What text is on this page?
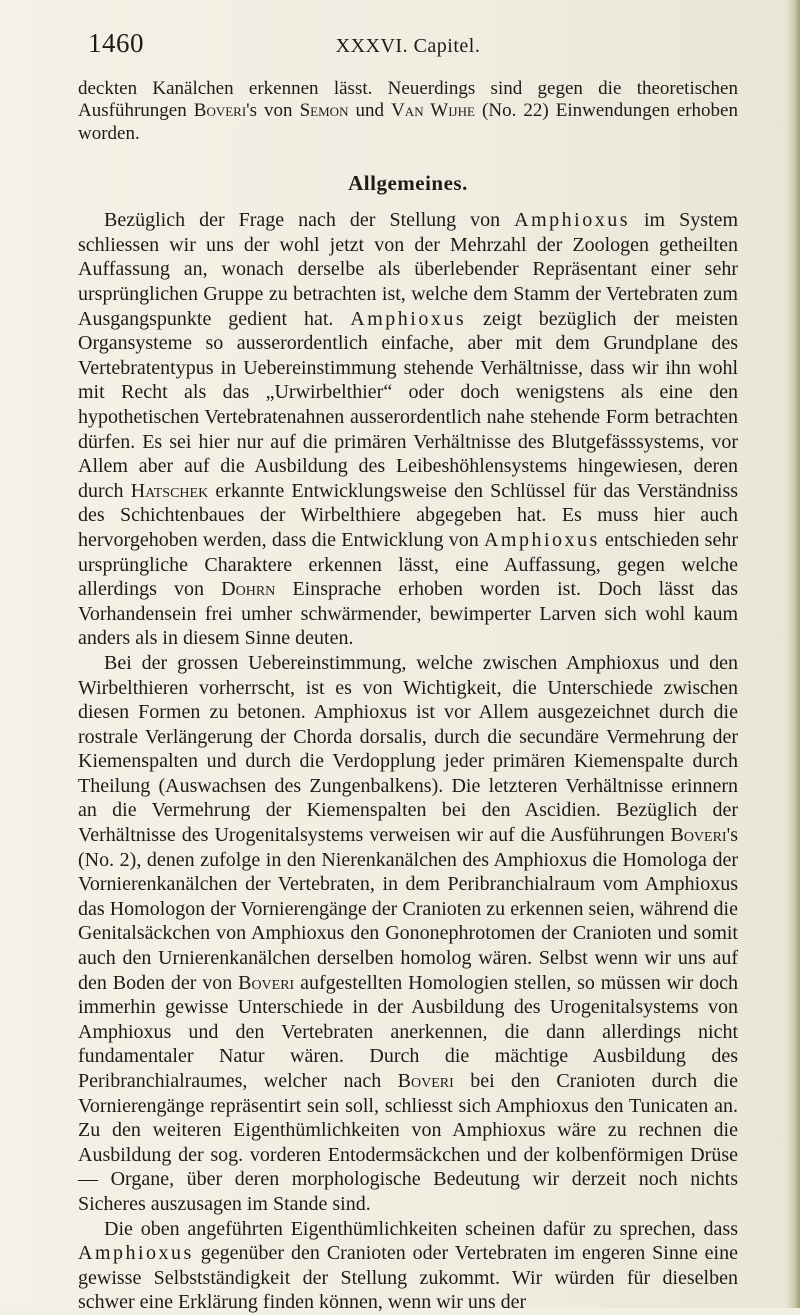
1460	XXXVI. Capitel.

deckten Kanälchen erkennen lässt. Neuerdings sind gegen die theoretischen Ausführungen Boveri's von Semon und Van Wijhe (No. 22) Einwendungen erhoben worden.

Allgemeines.

Bezüglich der Frage nach der Stellung von Amphioxus im System schliessen wir uns der wohl jetzt von der Mehrzahl der Zoologen getheilten Auffassung an, wonach derselbe als überlebender Repräsentant einer sehr ursprünglichen Gruppe zu betrachten ist, welche dem Stamm der Vertebraten zum Ausgangspunkte gedient hat. Amphioxus zeigt bezüglich der meisten Organsysteme so ausserordentlich einfache, aber mit dem Grundplane des Vertebratentypus in Uebereinstimmung stehende Verhältnisse, dass wir ihn wohl mit Recht als das „Urwirbelthier“ oder doch wenigstens als eine den hypothetischen Vertebratenahnen ausserordentlich nahe stehende Form betrachten dürfen. Es sei hier nur auf die primären Verhältnisse des Blutgefässsystems, vor Allem aber auf die Ausbildung des Leibeshöhlensystems hingewiesen, deren durch Hatschek erkannte Entwicklungsweise den Schlüssel für das Verständniss des Schichtenbaues der Wirbelthiere abgegeben hat. Es muss hier auch hervorgehoben werden, dass die Entwicklung von Amphioxus entschieden sehr ursprüngliche Charaktere erkennen lässt, eine Auffassung, gegen welche allerdings von Dohrn Einsprache erhoben worden ist. Doch lässt das Vorhandensein frei umher schwärmender, bewimperter Larven sich wohl kaum anders als in diesem Sinne deuten.

Bei der grossen Uebereinstimmung, welche zwischen Amphioxus und den Wirbelthieren vorherrscht, ist es von Wichtigkeit, die Unterschiede zwischen diesen Formen zu betonen. Amphioxus ist vor Allem ausgezeichnet durch die rostrale Verlängerung der Chorda dorsalis, durch die secundäre Vermehrung der Kiemenspalten und durch die Verdopplung jeder primären Kiemenspalte durch Theilung (Auswachsen des Zungenbalkens). Die letzteren Verhältnisse erinnern an die Vermehrung der Kiemenspalten bei den Ascidien. Bezüglich der Verhältnisse des Urogenitalsystems verweisen wir auf die Ausführungen Boveri's (No. 2), denen zufolge in den Nierenkanälchen des Amphioxus die Homologa der Vornierenkanälchen der Vertebraten, in dem Peribranchialraum vom Amphioxus das Homologon der Vornierengänge der Cranioten zu erkennen seien, während die Genitalsäckchen von Amphioxus den Gononephrotomen der Cranioten und somit auch den Urnierenkanälchen derselben homolog wären. Selbst wenn wir uns auf den Boden der von Boveri aufgestellten Homologien stellen, so müssen wir doch immerhin gewisse Unterschiede in der Ausbildung des Urogenitalsystems von Amphioxus und den Vertebraten anerkennen, die dann allerdings nicht fundamentaler Natur wären. Durch die mächtige Ausbildung des Peribranchialraumes, welcher nach Boveri bei den Cranioten durch die Vornierengänge repräsentirt sein soll, schliesst sich Amphioxus den Tunicaten an. Zu den weiteren Eigenthümlichkeiten von Amphioxus wäre zu rechnen die Ausbildung der sog. vorderen Entodermsäckchen und der kolbenförmigen Drüse — Organe, über deren morphologische Bedeutung wir derzeit noch nichts Sicheres auszusagen im Stande sind.

Die oben angeführten Eigenthümlichkeiten scheinen dafür zu sprechen, dass Amphioxus gegenüber den Cranioten oder Vertebraten im engeren Sinne eine gewisse Selbstständigkeit der Stellung zukommt. Wir würden für dieselben schwer eine Erklärung finden können, wenn wir uns der
